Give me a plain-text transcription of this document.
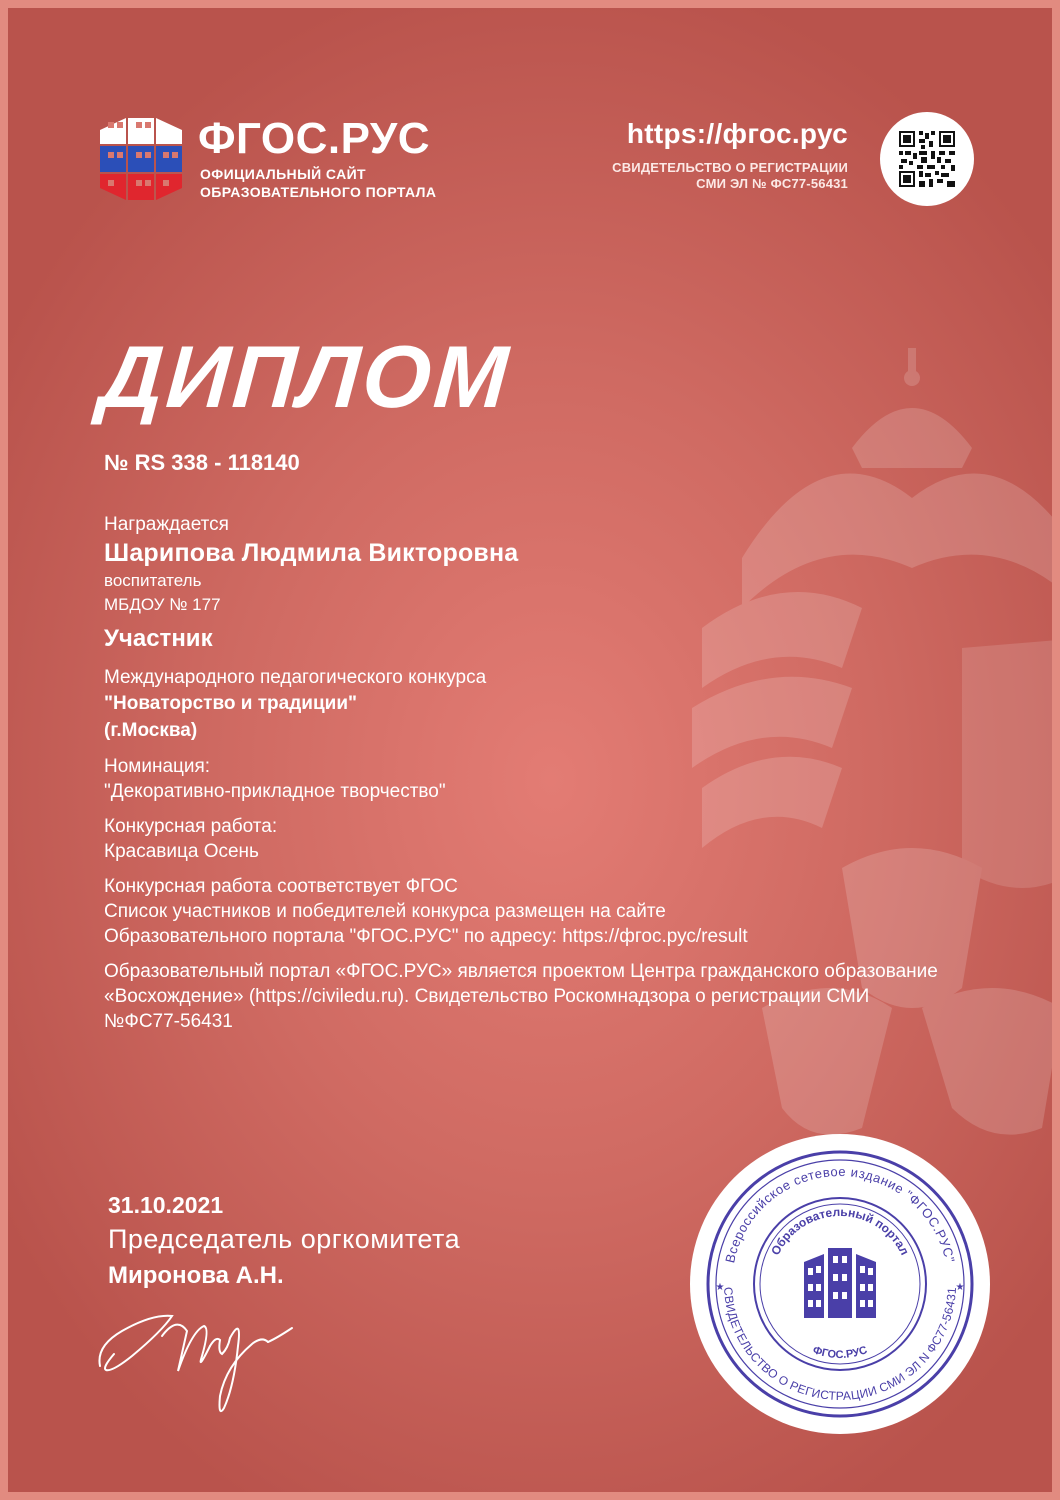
ФГОС.РУС
ОФИЦИАЛЬНЫЙ САЙТ
ОБРАЗОВАТЕЛЬНОГО ПОРТАЛА
https://фгос.рус
СВИДЕТЕЛЬСТВО О РЕГИСТРАЦИИ
СМИ ЭЛ № ФС77-56431
ДИПЛОМ
№ RS 338 - 118140
Награждается
Шарипова Людмила Викторовна
воспитатель
МБДОУ № 177
Участник
Международного педагогического конкурса
"Новаторство и традиции"
(г.Москва)
Номинация:
"Декоративно-прикладное творчество"
Конкурсная работа:
Красавица Осень
Конкурсная работа соответствует ФГОС
Список участников и победителей конкурса размещен на сайте
Образовательного портала "ФГОС.РУС" по адресу: https://фгос.рус/result
Образовательный портал «ФГОС.РУС» является проектом Центра гражданского образование
«Восхождение» (https://civiledu.ru). Свидетельство Роскомнадзора о регистрации СМИ
№ФС77-56431
31.10.2021
Председатель оргкомитета
Миронова А.Н.
Всероссийское сетевое издание "ФГОС.РУС"
СВИДЕТЕЛЬСТВО О РЕГИСТРАЦИИ СМИ ЭЛ N ФС77-56431
Образовательный портал
ФГОС.РУС
★	★
